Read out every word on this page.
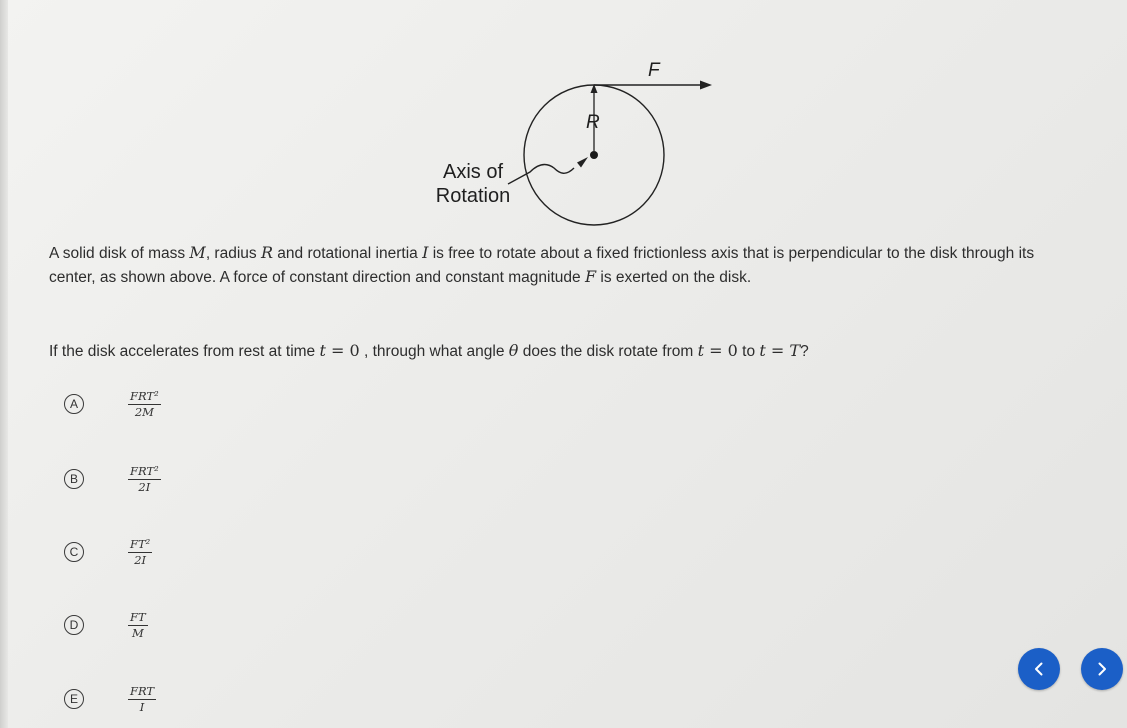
F
R
Axis of
Rotation
A solid disk of mass M, radius R and rotational inertia I is free to rotate about a fixed frictionless axis that is perpendicular to the disk through its center, as shown above. A force of constant direction and constant magnitude F is exerted on the disk.
If the disk accelerates from rest at time t = 0 , through what angle θ does the disk rotate from t = 0 to t = T?
A	$\frac{\text{FRT²}}{2M}$
B	$\frac{\text{FRT²}}{2I}$
C	$\frac{\text{FT²}}{2I}$
D	$\frac{FT}{M}$
E	$\frac{\text{FRT}}{I}$
